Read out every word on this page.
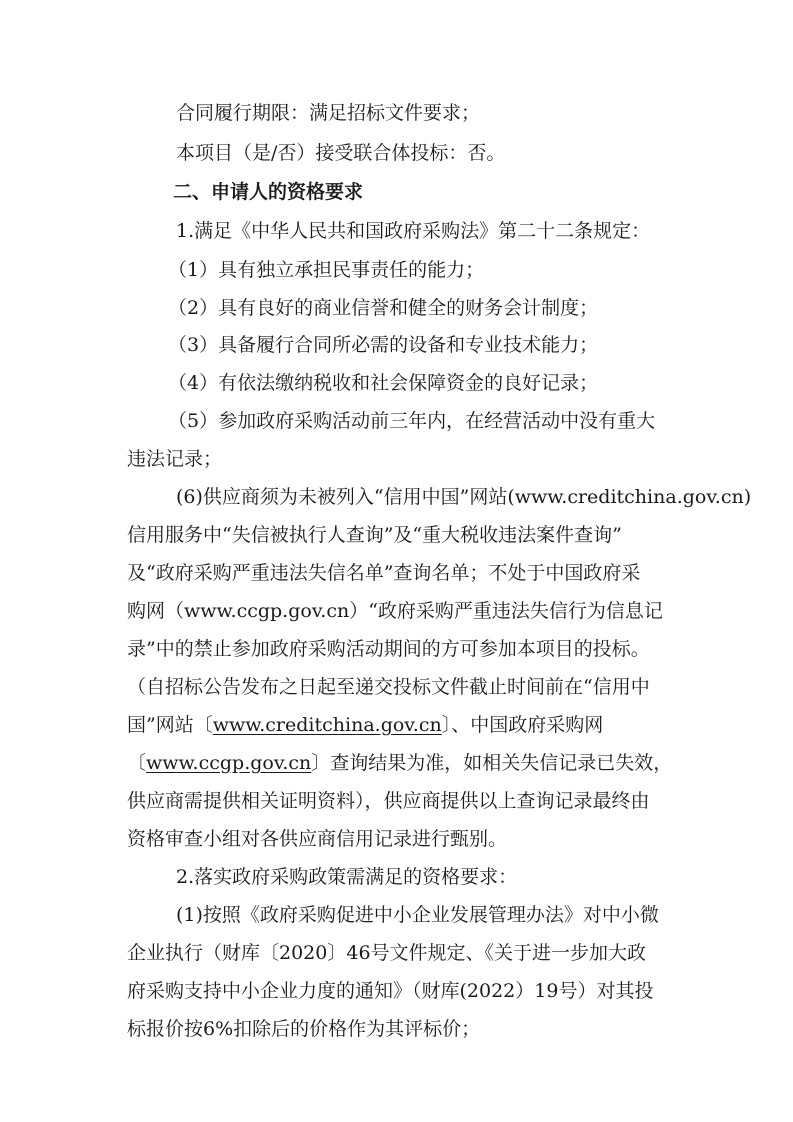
合同履行期限：满足招标文件要求；

本项目（是/否）接受联合体投标：否。

二、申请人的资格要求

1.满足《中华人民共和国政府采购法》第二十二条规定：

（1）具有独立承担民事责任的能力；

（2）具有良好的商业信誉和健全的财务会计制度；

（3）具备履行合同所必需的设备和专业技术能力；

（4）有依法缴纳税收和社会保障资金的良好记录；

（5）参加政府采购活动前三年内，在经营活动中没有重大

违法记录；

(6)供应商须为未被列入“信用中国”网站(www.creditchina.gov.cn)

信用服务中“失信被执行人查询”及“重大税收违法案件查询”

及“政府采购严重违法失信名单”查询名单；不处于中国政府采

购网（www.ccgp.gov.cn）“政府采购严重违法失信行为信息记

录”中的禁止参加政府采购活动期间的方可参加本项目的投标。

（自招标公告发布之日起至递交投标文件截止时间前在“信用中

国”网站〔www.creditchina.gov.cn〕、中国政府采购网

〔www.ccgp.gov.cn〕查询结果为准，如相关失信记录已失效，

供应商需提供相关证明资料），供应商提供以上查询记录最终由

资格审查小组对各供应商信用记录进行甄别。

2.落实政府采购政策需满足的资格要求：

(1)按照《政府采购促进中小企业发展管理办法》对中小微

企业执行（财库〔2020〕46号文件规定、《关于进一步加大政

府采购支持中小企业力度的通知》（财库(2022）19号）对其投

标报价按6%扣除后的价格作为其评标价；
